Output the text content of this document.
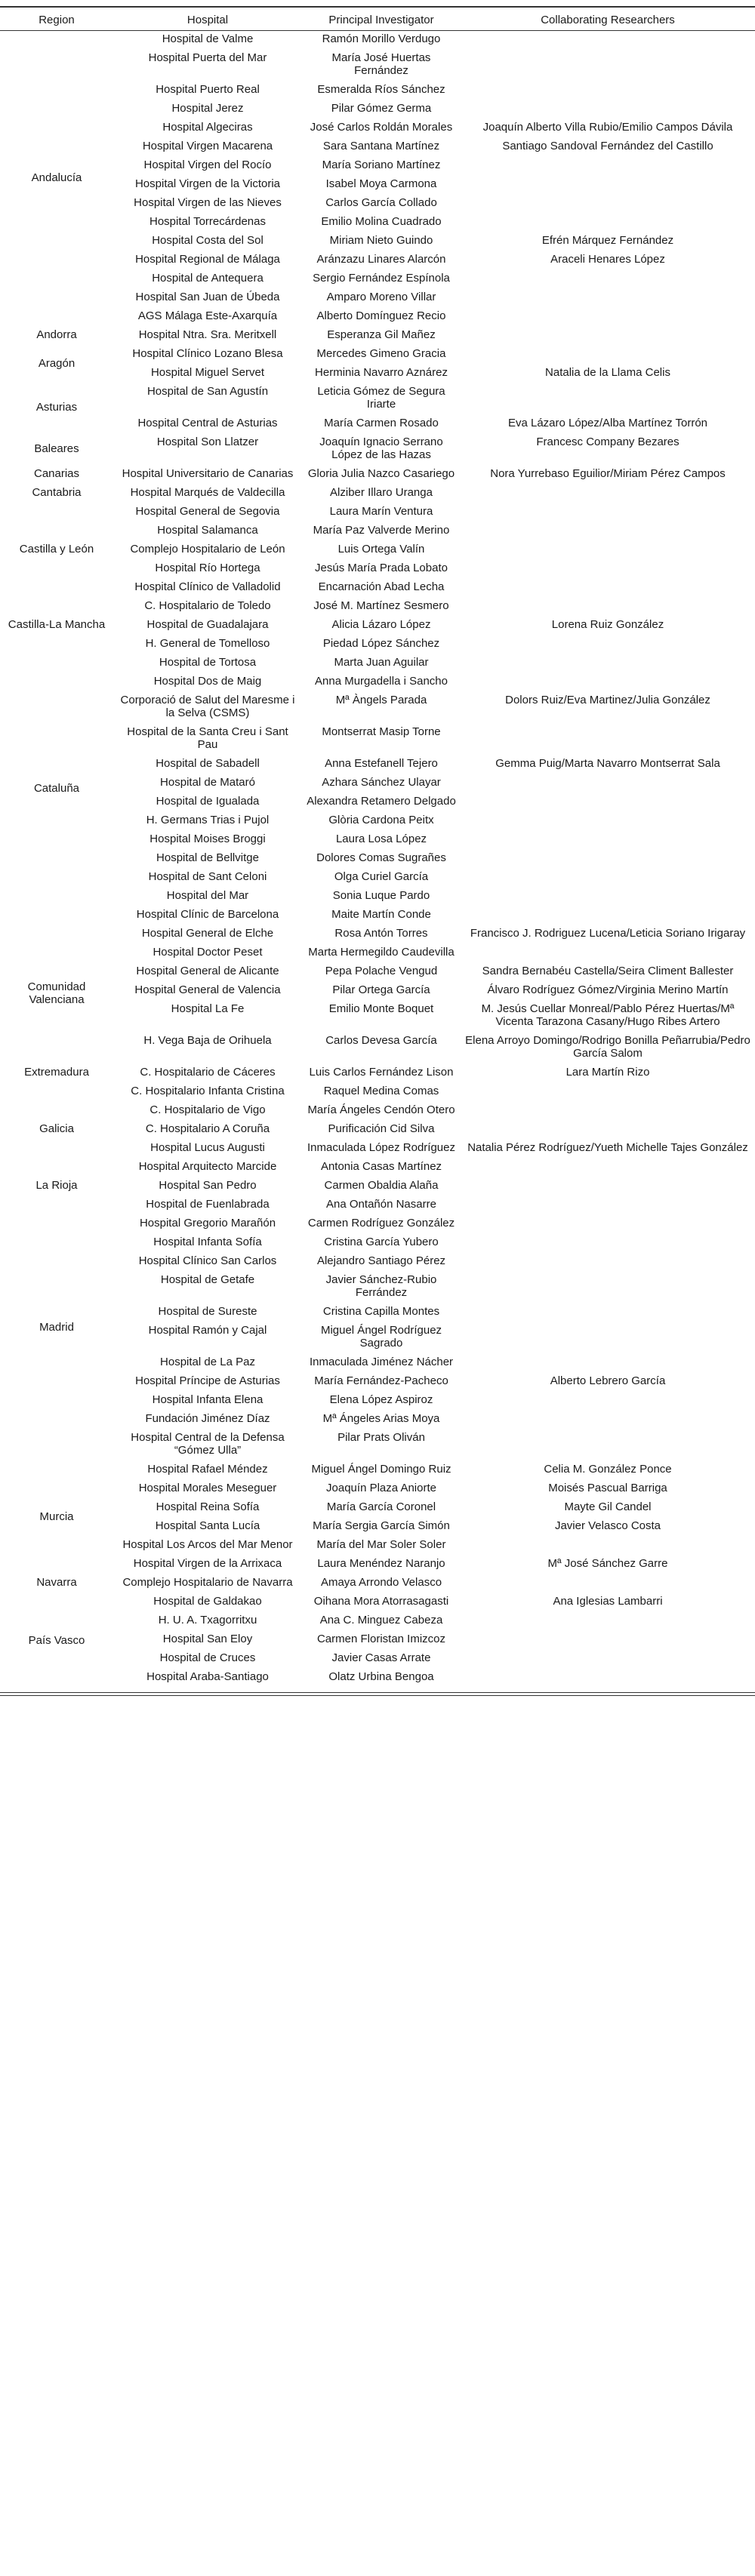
Region	Hospital	Principal Investigator	Collaborating Researchers
Andalucía	Hospital de Valme	Ramón Morillo Verdugo	
	Hospital Puerta del Mar	María José Huertas Fernández	
	Hospital Puerto Real	Esmeralda Ríos Sánchez	
	Hospital Jerez	Pilar Gómez Germa	
	Hospital Algeciras	José Carlos Roldán Morales	Joaquín Alberto Villa Rubio/Emilio Campos Dávila
	Hospital Virgen Macarena	Sara Santana Martínez	Santiago Sandoval Fernández del Castillo
	Hospital Virgen del Rocío	María Soriano Martínez	
	Hospital Virgen de la Victoria	Isabel Moya Carmona	
	Hospital Virgen de las Nieves	Carlos García Collado	
	Hospital Torrecárdenas	Emilio Molina Cuadrado	
	Hospital Costa del Sol	Miriam Nieto Guindo	Efrén Márquez Fernández
	Hospital Regional de Málaga	Aránzazu Linares Alarcón	Araceli Henares López
	Hospital de Antequera	Sergio Fernández Espínola	
	Hospital San Juan de Úbeda	Amparo Moreno Villar	
	AGS Málaga Este-Axarquía	Alberto Domínguez Recio	
Andorra	Hospital Ntra. Sra. Meritxell	Esperanza Gil Mañez	
Aragón	Hospital Clínico Lozano Blesa	Mercedes Gimeno Gracia	
	Hospital Miguel Servet	Herminia Navarro Aznárez	Natalia de la Llama Celis
Asturias	Hospital de San Agustín	Leticia Gómez de Segura Iriarte	
	Hospital Central de Asturias	María Carmen Rosado	Eva Lázaro López/Alba Martínez Torrón
Baleares	Hospital Son Llatzer	Joaquín Ignacio Serrano López de las Hazas	Francesc Company Bezares
Canarias	Hospital Universitario de Canarias	Gloria Julia Nazco Casariego	Nora Yurrebaso Eguilior/Miriam Pérez Campos
Cantabria	Hospital Marqués de Valdecilla	Alziber Illaro Uranga	
Castilla y León	Hospital General de Segovia	Laura Marín Ventura	
	Hospital Salamanca	María Paz Valverde Merino	
	Complejo Hospitalario de León	Luis Ortega Valín	
	Hospital Río Hortega	Jesús María Prada Lobato	
	Hospital Clínico de Valladolid	Encarnación Abad Lecha	
Castilla-La Mancha	C. Hospitalario de Toledo	José M. Martínez Sesmero	
	Hospital de Guadalajara	Alicia Lázaro López	Lorena Ruiz González
	H. General de Tomelloso	Piedad López Sánchez	
Cataluña	Hospital de Tortosa	Marta Juan Aguilar	
	Hospital Dos de Maig	Anna Murgadella i Sancho	
	Corporació de Salut del Maresme i la Selva (CSMS)	Mª Àngels Parada	Dolors Ruiz/Eva Martinez/Julia González
	Hospital de la Santa Creu i Sant Pau	Montserrat Masip Torne	
	Hospital de Sabadell	Anna Estefanell Tejero	Gemma Puig/Marta Navarro Montserrat Sala
	Hospital de Mataró	Azhara Sánchez Ulayar	
	Hospital de Igualada	Alexandra Retamero Delgado	
	H. Germans Trias i Pujol	Glòria Cardona Peitx	
	Hospital Moises Broggi	Laura Losa López	
	Hospital de Bellvitge	Dolores Comas Sugrañes	
	Hospital de Sant Celoni	Olga Curiel García	
	Hospital del Mar	Sonia Luque Pardo	
	Hospital Clínic de Barcelona	Maite Martín Conde	
Comunidad Valenciana	Hospital General de Elche	Rosa Antón Torres	Francisco J. Rodriguez Lucena/Leticia Soriano Irigaray
	Hospital Doctor Peset	Marta Hermegildo Caudevilla	
	Hospital General de Alicante	Pepa Polache Vengud	Sandra Bernabéu Castella/Seira Climent Ballester
	Hospital General de Valencia	Pilar Ortega García	Álvaro Rodríguez Gómez/Virginia Merino Martín
	Hospital La Fe	Emilio Monte Boquet	M. Jesús Cuellar Monreal/Pablo Pérez Huertas/Mª Vicenta Tarazona Casany/Hugo Ribes Artero
	H. Vega Baja de Orihuela	Carlos Devesa García	Elena Arroyo Domingo/Rodrigo Bonilla Peñarrubia/Pedro García Salom
Extremadura	C. Hospitalario de Cáceres	Luis Carlos Fernández Lison	Lara Martín Rizo
Galicia	C. Hospitalario Infanta Cristina	Raquel Medina Comas	
	C. Hospitalario de Vigo	María Ángeles Cendón Otero	
	C. Hospitalario A Coruña	Purificación Cid Silva	
	Hospital Lucus Augusti	Inmaculada López Rodríguez	Natalia Pérez Rodríguez/Yueth Michelle Tajes González
	Hospital Arquitecto Marcide	Antonia Casas Martínez	
La Rioja	Hospital San Pedro	Carmen Obaldia Alaña	
Madrid	Hospital de Fuenlabrada	Ana Ontañón Nasarre	
	Hospital Gregorio Marañón	Carmen Rodríguez González	
	Hospital Infanta Sofía	Cristina García Yubero	
	Hospital Clínico San Carlos	Alejandro Santiago Pérez	
	Hospital de Getafe	Javier Sánchez-Rubio Ferrández	
	Hospital de Sureste	Cristina Capilla Montes	
	Hospital Ramón y Cajal	Miguel Ángel Rodríguez Sagrado	
	Hospital de La Paz	Inmaculada Jiménez Nácher	
	Hospital Príncipe de Asturias	María Fernández-Pacheco	Alberto Lebrero García
	Hospital Infanta Elena	Elena López Aspiroz	
	Fundación Jiménez Díaz	Mª Ángeles Arias Moya	
	Hospital Central de la Defensa “Gómez Ulla”	Pilar Prats Oliván	
Murcia	Hospital Rafael Méndez	Miguel Ángel Domingo Ruiz	Celia M. González Ponce
	Hospital Morales Meseguer	Joaquín Plaza Aniorte	Moisés Pascual Barriga
	Hospital Reina Sofía	María García Coronel	Mayte Gil Candel
	Hospital Santa Lucía	María Sergia García Simón	Javier Velasco Costa
	Hospital Los Arcos del Mar Menor	María del Mar Soler Soler	
	Hospital Virgen de la Arrixaca	Laura Menéndez Naranjo	Mª José Sánchez Garre
Navarra	Complejo Hospitalario de Navarra	Amaya Arrondo Velasco	
País Vasco	Hospital de Galdakao	Oihana Mora Atorrasagasti	Ana Iglesias Lambarri
	H. U. A. Txagorritxu	Ana C. Minguez Cabeza	
	Hospital San Eloy	Carmen Floristan Imizcoz	
	Hospital de Cruces	Javier Casas Arrate	
	Hospital Araba-Santiago	Olatz Urbina Bengoa	
